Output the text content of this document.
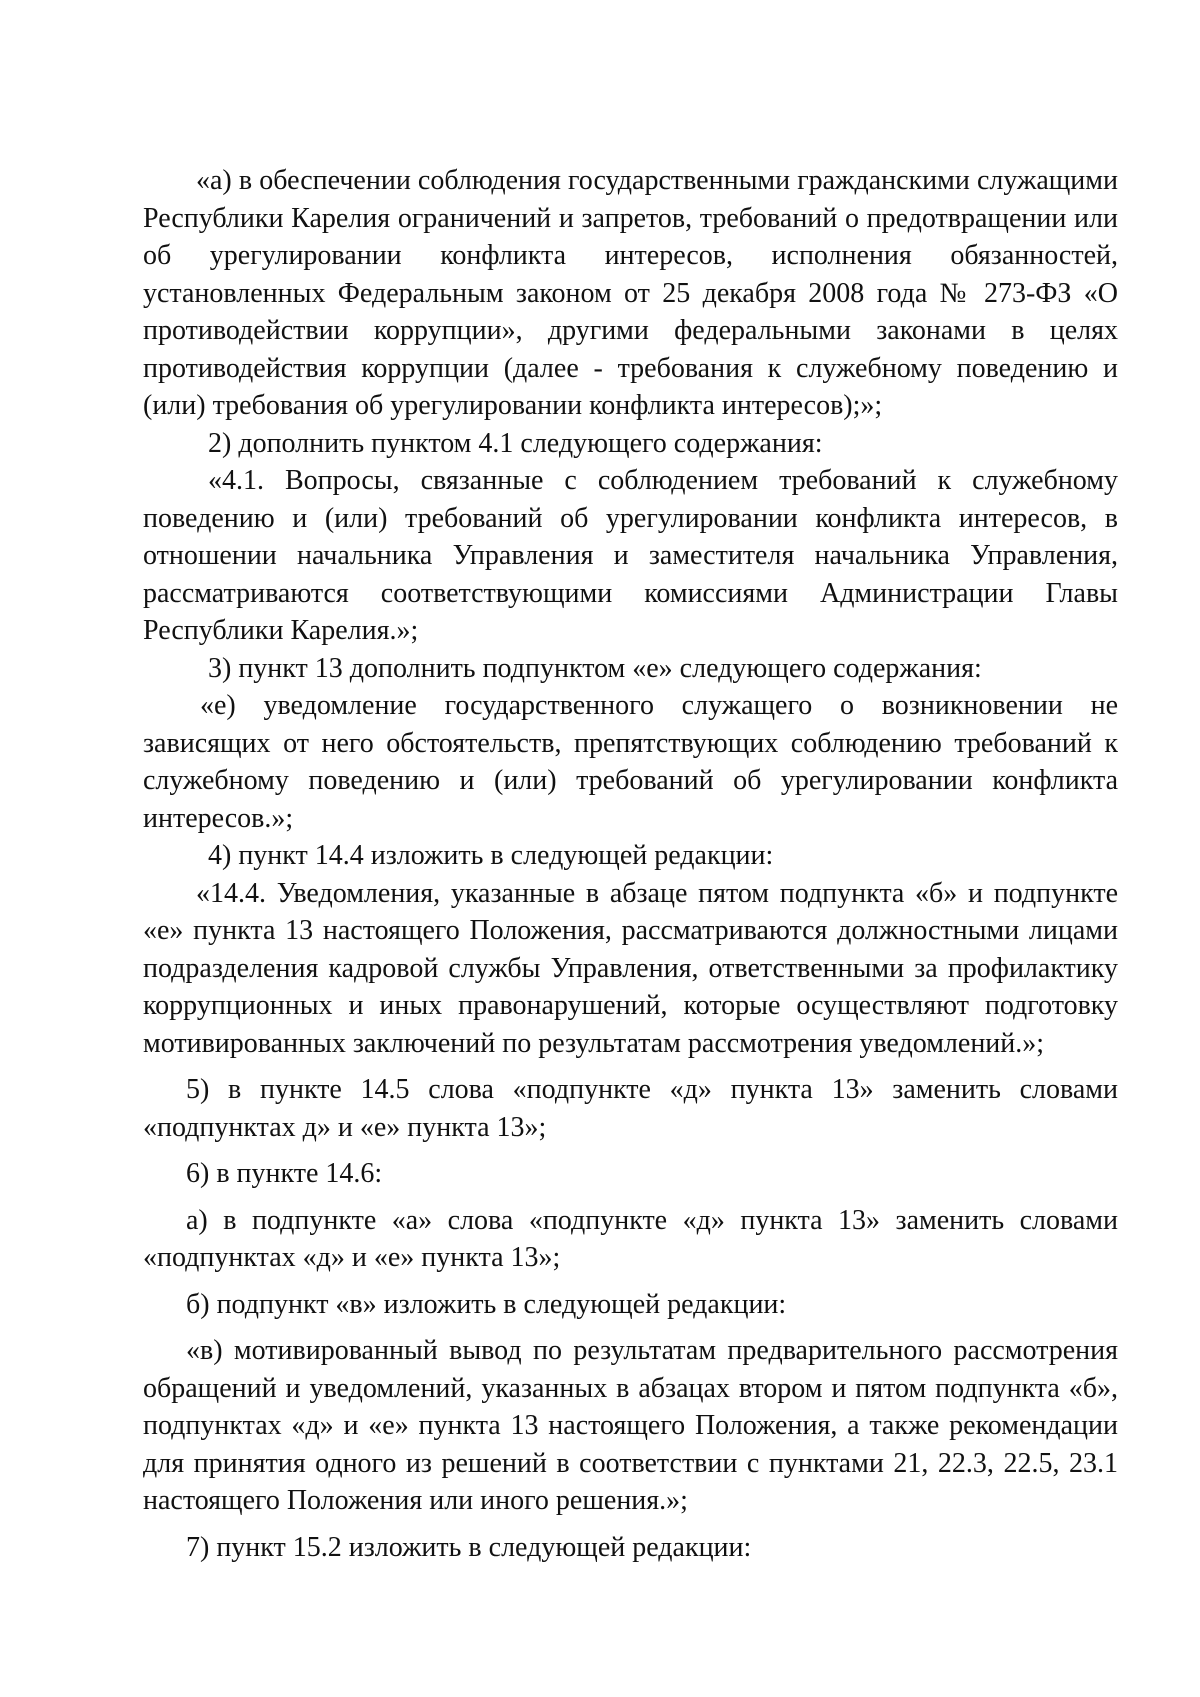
«а) в обеспечении соблюдения государственными гражданскими служащими Республики Карелия ограничений и запретов, требований о предотвращении или об урегулировании конфликта интересов, исполнения обязанностей, установленных Федеральным законом от 25 декабря 2008 года № 273-ФЗ «О противодействии коррупции», другими федеральными законами в целях противодействия коррупции (далее - требования к служебному поведению и (или) требования об урегулировании конфликта интересов);»;

2) дополнить пунктом 4.1 следующего содержания:

«4.1. Вопросы, связанные с соблюдением требований к служебному поведению и (или) требований об урегулировании конфликта интересов, в отношении начальника Управления и заместителя начальника Управления, рассматриваются соответствующими комиссиями Администрации Главы Республики Карелия.»;

3) пункт 13 дополнить подпунктом «е» следующего содержания:

«е) уведомление государственного служащего о возникновении не зависящих от него обстоятельств, препятствующих соблюдению требований к служебному поведению и (или) требований об урегулировании конфликта интересов.»;

4) пункт 14.4 изложить в следующей редакции:

«14.4. Уведомления, указанные в абзаце пятом подпункта «б» и подпункте «е» пункта 13 настоящего Положения, рассматриваются должностными лицами подразделения кадровой службы Управления, ответственными за профилактику коррупционных и иных правонарушений, которые осуществляют подготовку мотивированных заключений по результатам рассмотрения уведомлений.»;

5) в пункте 14.5 слова «подпункте «д» пункта 13» заменить словами «подпунктах д» и «е» пункта 13»;

6) в пункте 14.6:

а) в подпункте «а» слова «подпункте «д» пункта 13» заменить словами «подпунктах «д» и «е» пункта 13»;

б) подпункт «в» изложить в следующей редакции:

«в) мотивированный вывод по результатам предварительного рассмотрения обращений и уведомлений, указанных в абзацах втором и пятом подпункта «б», подпунктах «д» и «е» пункта 13 настоящего Положения, а также рекомендации для принятия одного из решений в соответствии с пунктами 21, 22.3, 22.5, 23.1 настоящего Положения или иного решения.»;

7) пункт 15.2 изложить в следующей редакции:
